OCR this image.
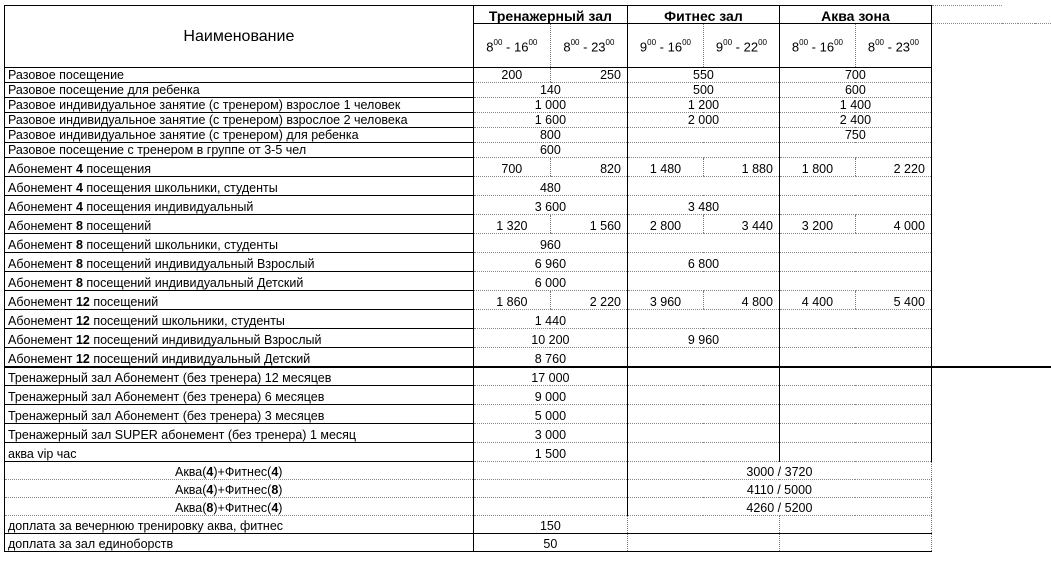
Наименование	Тренажерный зал		Фитнес зал		Аква зона					
	$8^{00} - 16^{00}$	$8^{00} - 23^{00}$	$9^{00} - 16^{00}$	$9^{00} - 22^{00}$	$8^{00} - 16^{00}$	$8^{00} - 23^{00}$				
Разовое посещение	200	250	550		700					
Разовое посещение для ребенка	140		500		600					
Разовое индивидуальное занятие (с тренером) взрослое 1 человек	1 000		1 200		1 400					
Разовое индивидуальное занятие (с тренером) взрослое 2 человека	1 600		2 000		2 400					
Разовое индивидуальное занятие (с тренером) для ребенка	800				750					
Разовое посещение с тренером в группе от 3-5 чел	600									
Абонемент 4 посещения	700	820	1 480	1 880	1 800	2 220				
Абонемент 4 посещения школьники, студенты	480									
Абонемент 4 посещения индивидуальный	3 600		3 480							
Абонемент 8 посещений	1 320	1 560	2 800	3 440	3 200	4 000				
Абонемент 8 посещений школьники, студенты	960									
Абонемент 8 посещений индивидуальный Взрослый	6 960		6 800							
Абонемент 8 посещений индивидуальный Детский	6 000									
Абонемент 12 посещений	1 860	2 220	3 960	4 800	4 400	5 400				
Абонемент 12 посещений школьники, студенты	1 440									
Абонемент 12 посещений индивидуальный Взрослый	10 200		9 960							
Абонемент 12 посещений индивидуальный Детский	8 760									
Тренажерный зал Абонемент (без тренера) 12 месяцев	17 000									
Тренажерный зал Абонемент (без тренера) 6 месяцев	9 000									
Тренажерный зал Абонемент (без тренера) 3 месяцев	5 000									
Тренажерный зал SUPER абонемент (без тренера) 1 месяц	3 000									
аква vip час	1 500									
Аква(4)+Фитнес(4)			3000 / 3720							
Аква(4)+Фитнес(8)			4110 / 5000							
Аква(8)+Фитнес(4)			4260 / 5200							
доплата за вечернюю тренировку аква, фитнес	150									
доплата за зал единоборств	50									
